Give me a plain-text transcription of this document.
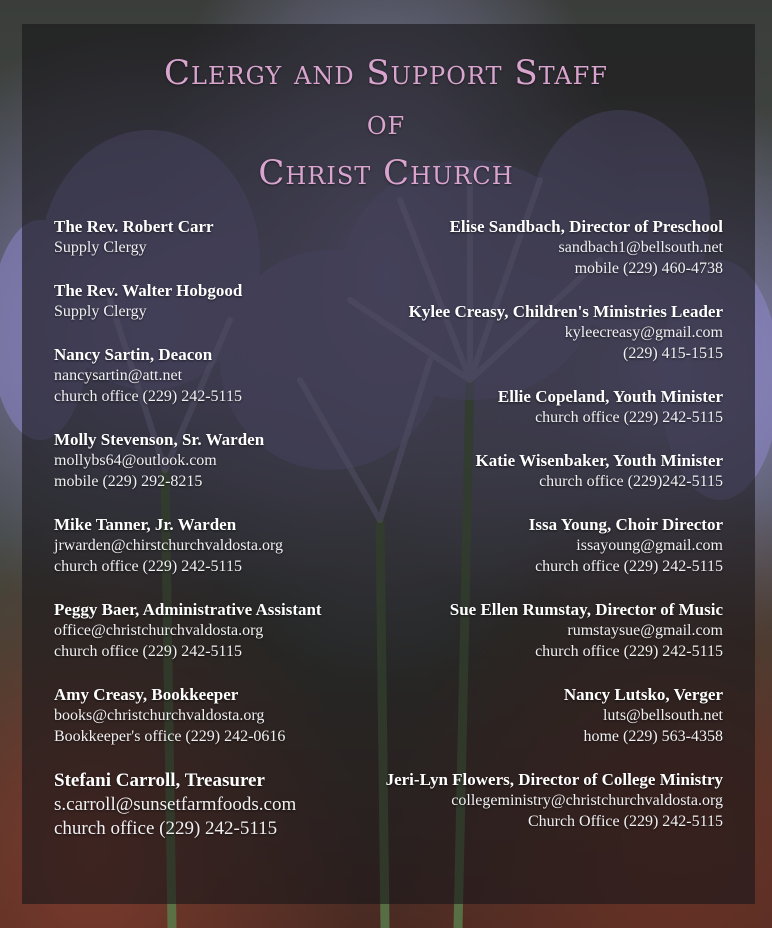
Clergy and Support Staff
of
Christ Church
The Rev. Robert Carr
Supply Clergy
The Rev. Walter Hobgood
Supply Clergy
Nancy Sartin, Deacon
nancysartin@att.net
church office (229) 242-5115
Molly Stevenson, Sr. Warden
mollybs64@outlook.com
mobile (229) 292-8215
Mike Tanner, Jr. Warden
jrwarden@chirstchurchvaldosta.org
church office (229) 242-5115
Peggy Baer, Administrative Assistant
office@christchurchvaldosta.org
church office (229) 242-5115
Amy Creasy, Bookkeeper
books@christchurchvaldosta.org
Bookkeeper's office (229) 242-0616
Stefani Carroll, Treasurer
s.carroll@sunsetfarmfoods.com
church office (229) 242-5115
Elise Sandbach, Director of Preschool
sandbach1@bellsouth.net
mobile (229) 460-4738
Kylee Creasy, Children's Ministries Leader
kyleecreasy@gmail.com
(229) 415-1515
Ellie Copeland, Youth Minister
church office (229) 242-5115
Katie Wisenbaker, Youth Minister
church office (229)242-5115
Issa Young, Choir Director
issayoung@gmail.com
church office (229) 242-5115
Sue Ellen Rumstay, Director of Music
rumstaysue@gmail.com
church office (229) 242-5115
Nancy Lutsko, Verger
luts@bellsouth.net
home (229) 563-4358
Jeri-Lyn Flowers, Director of College Ministry
collegeministry@christchurchvaldosta.org
Church Office (229) 242-5115
